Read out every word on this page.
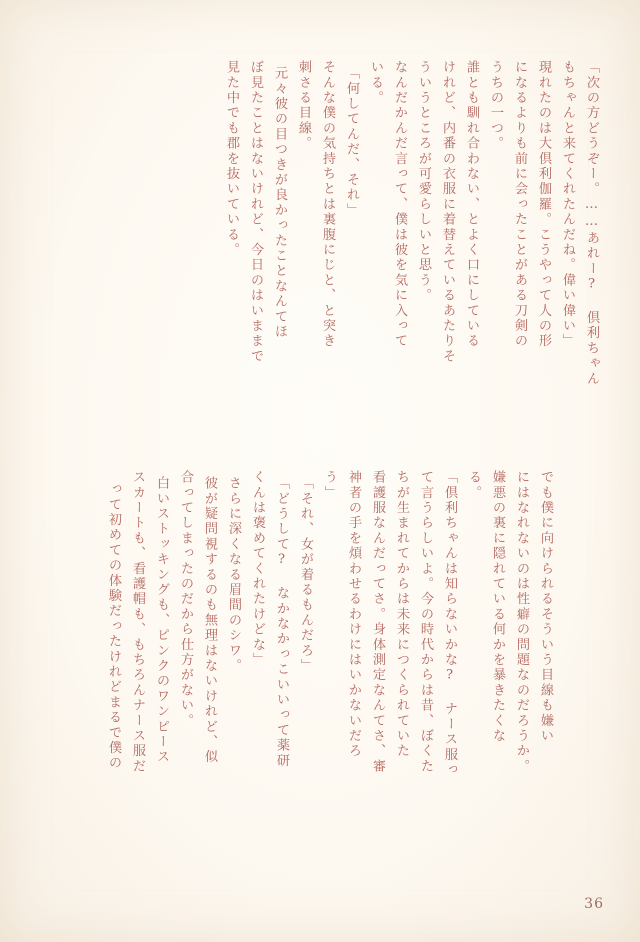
「次の方どうぞー。……あれー? 倶利ちゃん
もちゃんと来てくれたんだね。偉い偉い」
現れたのは大倶利伽羅。こうやって人の形
になるよりも前に会ったことがある刀剣の
うちの一つ。
誰とも馴れ合わない、とよく口にしている
けれど、内番の衣服に着替えているあたりそ
ういうところが可愛らしいと思う。
なんだかんだ言って、僕は彼を気に入って
いる。
「何してんだ、それ」
そんな僕の気持ちとは裏腹にじと、と突き
刺さる目線。
元々彼の目つきが良かったことなんてほ
ぼ見たことはないけれど、今日のはいままで
見た中でも郡を抜いている。
でも僕に向けられるそういう目線も嫌い
にはなれないのは性癖の問題なのだろうか。
嫌悪の裏に隠れている何かを暴きたくな
る。
「倶利ちゃんは知らないかな? ナース服っ
て言うらしいよ。今の時代からは昔、ぼくた
ちが生まれてからは未来につくられていた
看護服なんだってさ。身体測定なんてさ、審
神者の手を煩わせるわけにはいかないだろ
う」
「それ、女が着るもんだろ」
「どうして? なかなかっこいいって薬研
くんは褒めてくれたけどな」
さらに深くなる眉間のシワ。
彼が疑問視するのも無理はないけれど、似
合ってしまったのだから仕方がない。
白いストッキングも、ピンクのワンピース
スカートも、看護帽も、もちろんナース服だ
って初めての体験だったけれどまるで僕の
36
